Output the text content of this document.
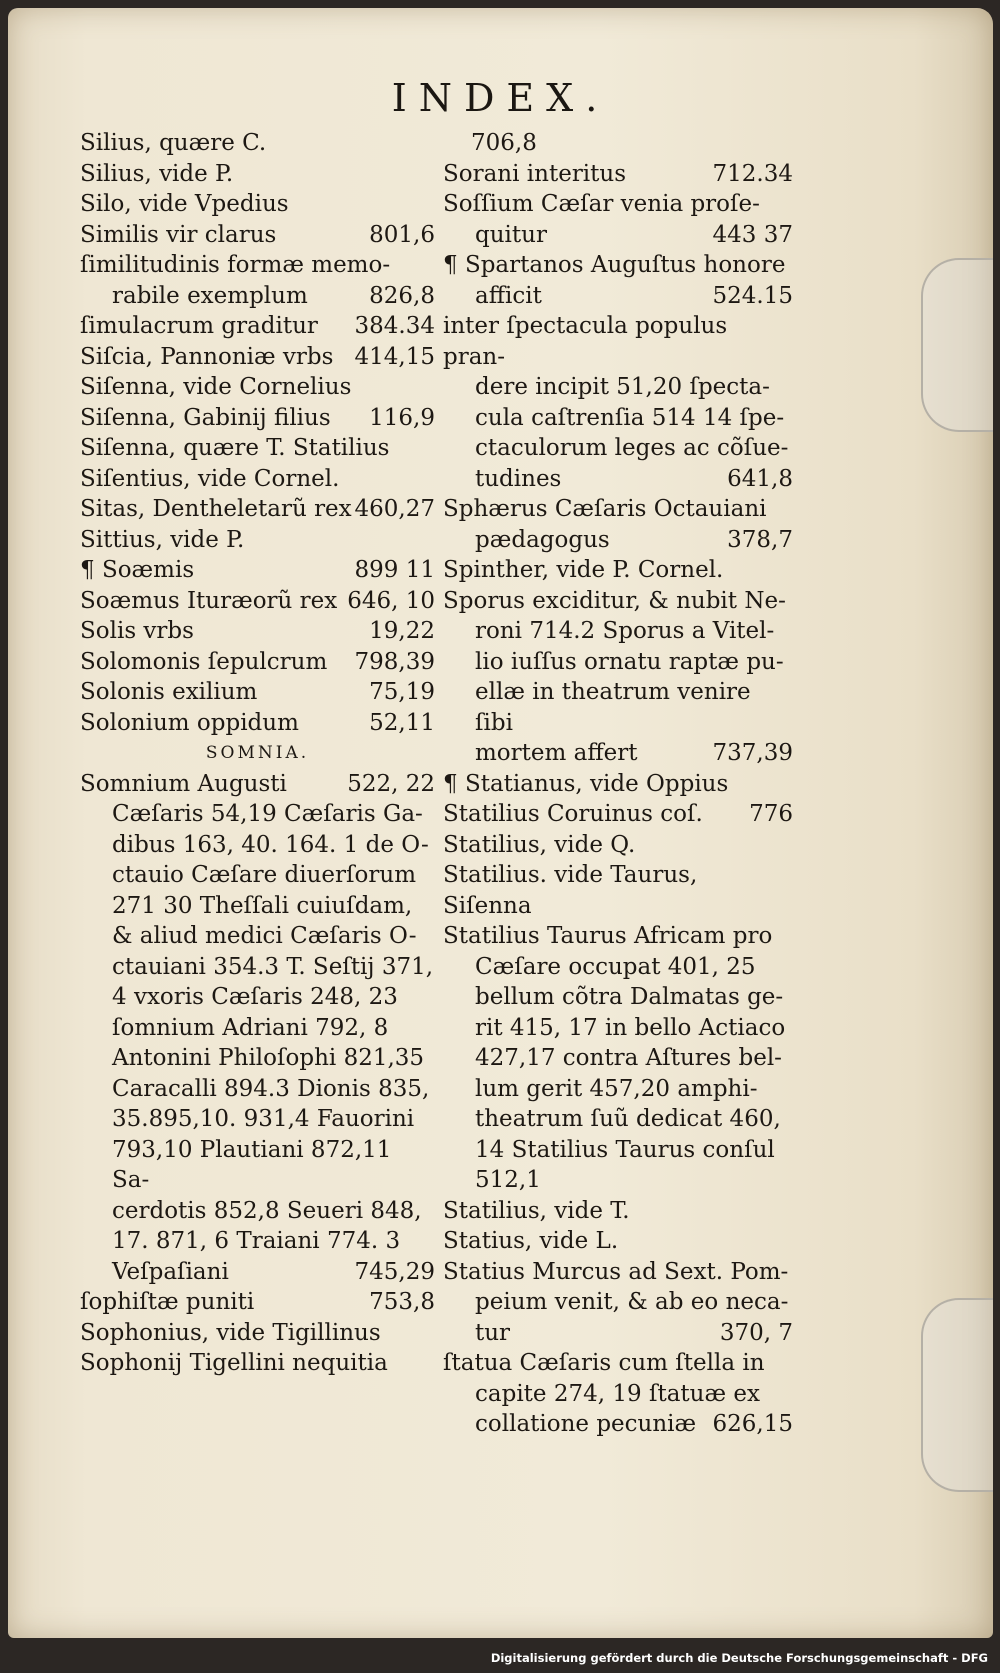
INDEX.
Silius, quære C.
Silius, vide P.
Silo, vide Vpedius
Similis vir clarus	801,6
ſimilitudinis formæ memo-
rabile exemplum	826,8
ſimulacrum graditur 384.34
Siſcia, Pannoniæ vrbs 414,15
Siſenna, vide Cornelius
Siſenna, Gabinij filius 116,9
Siſenna, quære T. Statilius
Siſentius, vide Cornel.
Sitas, Dentheletarũ rex 460,27
Sittius, vide P.
¶ Soæmis	899 11
Soæmus Ituræorũ rex 646, 10
Solis vrbs	19,22
Solomonis ſepulcrum 798,39
Solonis exilium	75,19
Solonium oppidum	52,11
SOMNIA.
Somnium Augusti	522, 22
Cæſaris 54,19 Cæſaris Ga-
dibus 163, 40. 164. 1 de O-
ctauio Cæſare diuerſorum
271 30 Theſſali cuiuſdam,
& aliud medici Cæſaris O-
ctauiani 354.3 T. Seſtij 371,
4 vxoris Cæſaris 248, 23
ſomnium Adriani 792, 8
Antonini Philoſophi 821,35
Caracalli 894.3 Dionis 835,
35.895,10. 931,4 Fauorini
793,10 Plautiani 872,11 Sa-
cerdotis 852,8 Seueri 848,
17. 871, 6 Traiani 774. 3
Veſpaſiani	745,29
ſophiſtæ puniti	753,8
Sophonius, vide Tigillinus
Sophonij Tigellini nequitia
706,8
Sorani interitus	712.34
Soſſium Cæſar venia proſe-
quitur	443 37
¶ Spartanos Auguſtus honore
afficit	524.15
inter ſpectacula populus pran-
dere incipit 51,20 ſpecta-
cula caſtrenſia 514 14 ſpe-
ctaculorum leges ac cõſue-
tudines	641,8
Sphærus Cæſaris Octauiani
pædagogus	378,7
Spinther, vide P. Cornel.
Sporus exciditur, & nubit Ne-
roni 714.2 Sporus a Vitel-
lio iuſſus ornatu raptæ pu-
ellæ in theatrum venire ſibi
mortem affert	737,39
¶ Statianus, vide Oppius
Statilius Coruinus coſ. 776
Statilius, vide Q.
Statilius. vide Taurus, Siſenna
Statilius Taurus Africam pro
Cæſare occupat 401, 25
bellum cõtra Dalmatas ge-
rit 415, 17 in bello Actiaco
427,17 contra Aſtures bel-
lum gerit 457,20 amphi-
theatrum ſuũ dedicat 460,
14 Statilius Taurus conſul
512,1
Statilius, vide T.
Statius, vide L.
Statius Murcus ad Sext. Pom-
peium venit, & ab eo neca-
tur	370, 7
ſtatua Cæſaris cum ſtella in
capite 274, 19 ſtatuæ ex
collatione pecuniæ 626,15
Digitalisierung gefördert durch die Deutsche Forschungsgemeinschaft - DFG
